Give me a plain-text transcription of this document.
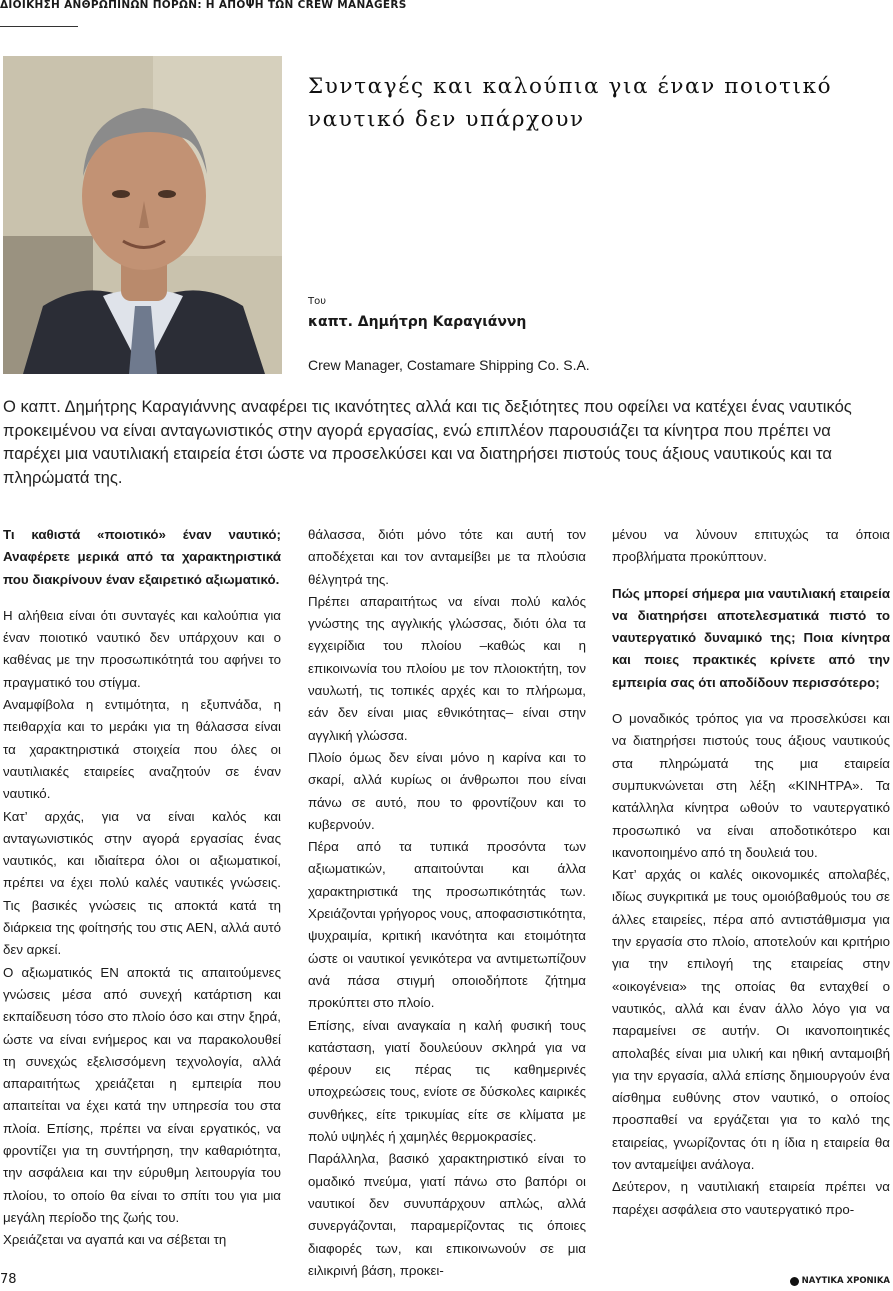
ΔΙΟΙΚΗΣΗ ΑΝΘΡΩΠΙΝΩΝ ΠΟΡΩΝ: Η ΑΠΟΨΗ ΤΩΝ CREW MANAGERS
Συνταγές και καλούπια για έναν ποιοτικό
ναυτικό δεν υπάρχουν
Του
καπτ. Δημήτρη Καραγιάννη
Crew Manager, Costamare Shipping Co. S.A.
Ο καπτ. Δημήτρης Καραγιάννης αναφέρει τις ικανότητες αλλά και τις δεξιότητες που οφείλει να κατέχει ένας ναυτικός προκειμένου να είναι ανταγωνιστικός στην αγορά εργασίας, ενώ επιπλέον παρουσιάζει τα κίνητρα που πρέπει να παρέχει μια ναυτιλιακή εταιρεία έτσι ώστε να προσελκύσει και να διατηρήσει πιστούς τους άξιους ναυτικούς και τα πληρώματά της.

Τι καθιστά «ποιοτικό» έναν ναυτικό; Αναφέρετε μερικά από τα χαρακτηριστικά που διακρίνουν έναν εξαιρετικό αξιωματικό.

Η αλήθεια είναι ότι συνταγές και καλούπια για έναν ποιοτικό ναυτικό δεν υπάρχουν και ο καθένας με την προσωπικότητά του αφήνει το πραγματικό του στίγμα.

Αναμφίβολα η εντιμότητα, η εξυπνάδα, η πειθαρχία και το μεράκι για τη θάλασσα είναι τα χαρακτηριστικά στοιχεία που όλες οι ναυτιλιακές εταιρείες αναζητούν σε έναν ναυτικό.

Κατ’ αρχάς, για να είναι καλός και ανταγωνιστικός στην αγορά εργασίας ένας ναυτικός, και ιδιαίτερα όλοι οι αξιωματικοί, πρέπει να έχει πολύ καλές ναυτικές γνώσεις. Τις βασικές γνώσεις τις αποκτά κατά τη διάρκεια της φοίτησής του στις ΑΕΝ, αλλά αυτό δεν αρκεί.

Ο αξιωματικός ΕΝ αποκτά τις απαιτούμενες γνώσεις μέσα από συνεχή κατάρτιση και εκπαίδευση τόσο στο πλοίο όσο και στην ξηρά, ώστε να είναι ενήμερος και να παρακολουθεί τη συνεχώς εξελισσόμενη τεχνολογία, αλλά απαραιτήτως χρειάζεται η εμπειρία που απαιτείται να έχει κατά την υπηρεσία του στα πλοία. Επίσης, πρέπει να είναι εργατικός, να φροντίζει για τη συντήρηση, την καθαριότητα, την ασφάλεια και την εύρυθμη λειτουργία του πλοίου, το οποίο θα είναι το σπίτι του για μια μεγάλη περίοδο της ζωής του.

Χρειάζεται να αγαπά και να σέβεται τη

θάλασσα, διότι μόνο τότε και αυτή τον αποδέχεται και τον ανταμείβει με τα πλούσια θέλγητρά της.

Πρέπει απαραιτήτως να είναι πολύ καλός γνώστης της αγγλικής γλώσσας, διότι όλα τα εγχειρίδια του πλοίου –καθώς και η επικοινωνία του πλοίου με τον πλοιοκτήτη, τον ναυλωτή, τις τοπικές αρχές και το πλήρωμα, εάν δεν είναι μιας εθνικότητας– είναι στην αγγλική γλώσσα.

Πλοίο όμως δεν είναι μόνο η καρίνα και το σκαρί, αλλά κυρίως οι άνθρωποι που είναι πάνω σε αυτό, που το φροντίζουν και το κυβερνούν.

Πέρα από τα τυπικά προσόντα των αξιωματικών, απαιτούνται και άλλα χαρακτηριστικά της προσωπικότητάς των. Χρειάζονται γρήγορος νους, αποφασιστικότητα, ψυχραιμία, κριτική ικανότητα και ετοιμότητα ώστε οι ναυτικοί γενικότερα να αντιμετωπίζουν ανά πάσα στιγμή οποιοδήποτε ζήτημα προκύπτει στο πλοίο.

Επίσης, είναι αναγκαία η καλή φυσική τους κατάσταση, γιατί δουλεύουν σκληρά για να φέρουν εις πέρας τις καθημερινές υποχρεώσεις τους, ενίοτε σε δύσκολες καιρικές συνθήκες, είτε τρικυμίας είτε σε κλίματα με πολύ υψηλές ή χαμηλές θερμοκρασίες.

Παράλληλα, βασικό χαρακτηριστικό είναι το ομαδικό πνεύμα, γιατί πάνω στο βαπόρι οι ναυτικοί δεν συνυπάρχουν απλώς, αλλά συνεργάζονται, παραμερίζοντας τις όποιες διαφορές των, και επικοινωνούν σε μια ειλικρινή βάση, προκει-

μένου να λύνουν επιτυχώς τα όποια προβλήματα προκύπτουν.

Πώς μπορεί σήμερα μια ναυτιλιακή εταιρεία να διατηρήσει αποτελεσματικά πιστό το ναυτεργατικό δυναμικό της; Ποια κίνητρα και ποιες πρακτικές κρίνετε από την εμπειρία σας ότι αποδίδουν περισσότερο;

Ο μοναδικός τρόπος για να προσελκύσει και να διατηρήσει πιστούς τους άξιους ναυτικούς στα πληρώματά της μια εταιρεία συμπυκνώνεται στη λέξη «ΚΙΝΗΤΡΑ». Τα κατάλληλα κίνητρα ωθούν το ναυτεργατικό προσωπικό να είναι αποδοτικότερο και ικανοποιημένο από τη δουλειά του.

Κατ’ αρχάς οι καλές οικονομικές απολαβές, ιδίως συγκριτικά με τους ομοιόβαθμούς του σε άλλες εταιρείες, πέρα από αντιστάθμισμα για την εργασία στο πλοίο, αποτελούν και κριτήριο για την επιλογή της εταιρείας στην «οικογένεια» της οποίας θα ενταχθεί ο ναυτικός, αλλά και έναν άλλο λόγο για να παραμείνει σε αυτήν. Οι ικανοποιητικές απολαβές είναι μια υλική και ηθική ανταμοιβή για την εργασία, αλλά επίσης δημιουργούν ένα αίσθημα ευθύνης στον ναυτικό, ο οποίος προσπαθεί να εργάζεται για το καλό της εταιρείας, γνωρίζοντας ότι η ίδια η εταιρεία θα τον ανταμείψει ανάλογα.

Δεύτερον, η ναυτιλιακή εταιρεία πρέπει να παρέχει ασφάλεια στο ναυτεργατικό προ-

78	ΝΑΥΤΙΚΑ ΧΡΟΝΙΚΑ
